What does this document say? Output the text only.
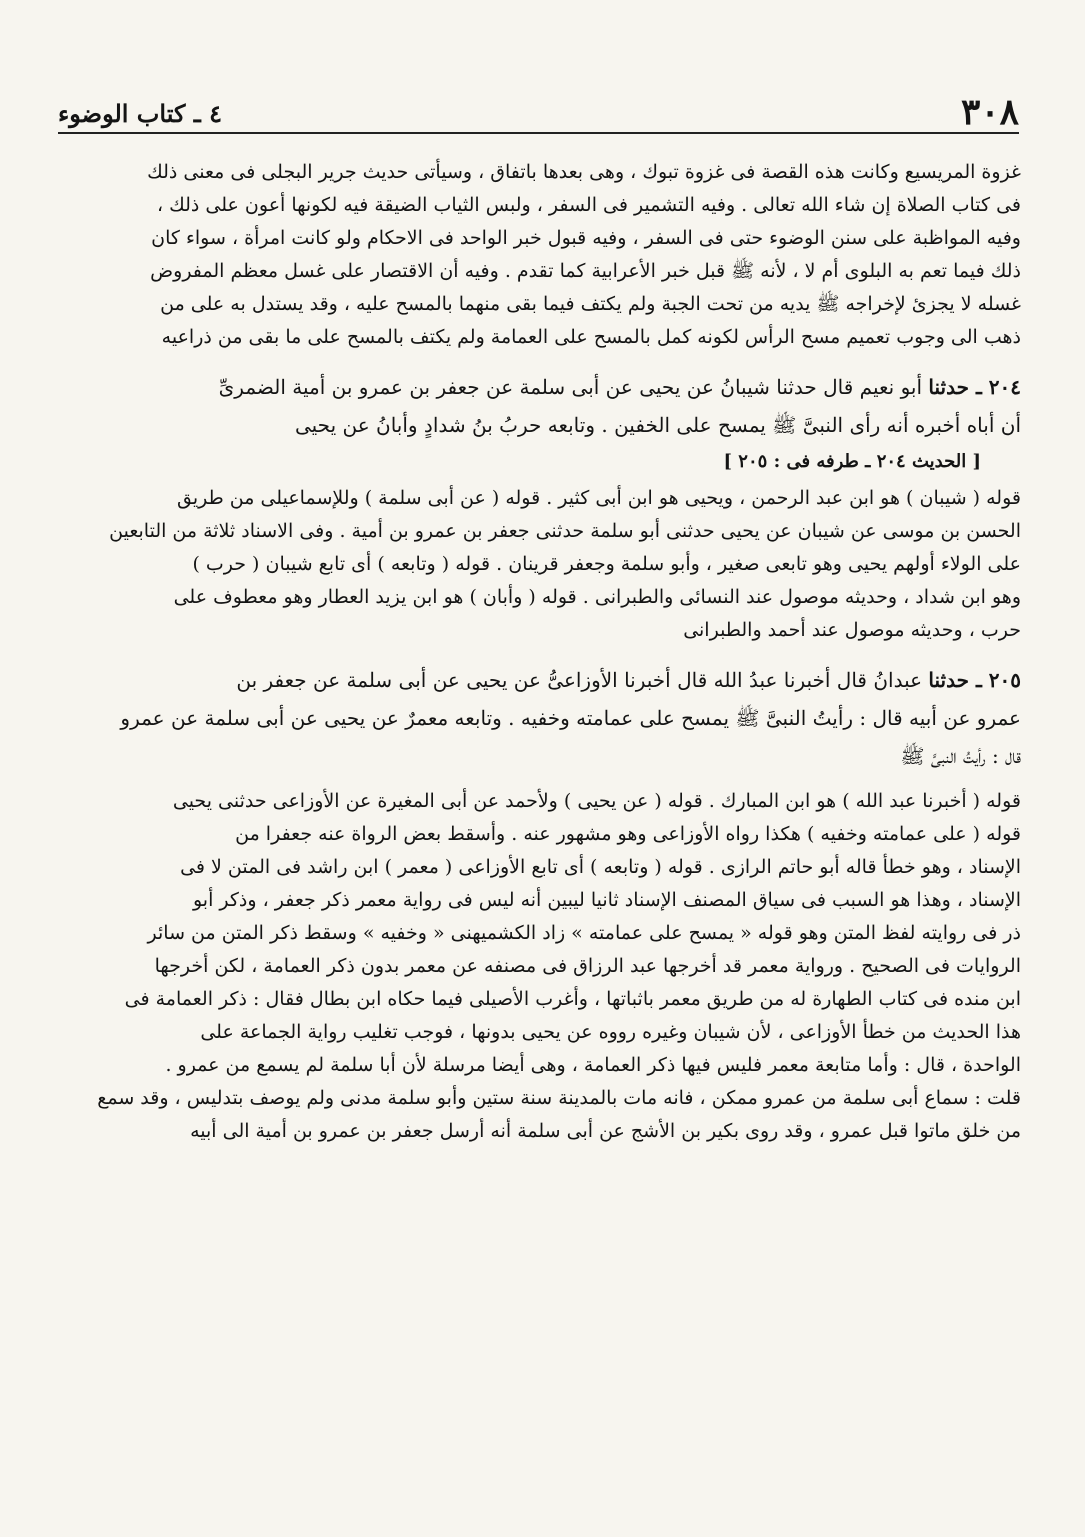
٤ ـ كتاب الوضوء	٣٠٨

غزوة المريسيع وكانت هذه القصة فى غزوة تبوك ، وهى بعدها باتفاق ، وسيأتى حديث جرير البجلى فى معنى ذلك

فى كتاب الصلاة إن شاء الله تعالى . وفيه التشمير فى السفر ، ولبس الثياب الضيقة فيه لكونها أعون على ذلك ،

وفيه المواظبة على سنن الوضوء حتى فى السفر ، وفيه قبول خبر الواحد فى الاحكام ولو كانت امرأة ، سواء كان

ذلك فيما تعم به البلوى أم لا ، لأنه ﷺ قبل خبر الأعرابية كما تقدم . وفيه أن الاقتصار على غسل معظم المفروض

غسله لا يجزئ لإخراجه ﷺ يديه من تحت الجبة ولم يكتف فيما بقى منهما بالمسح عليه ، وقد يستدل به على من

ذهب الى وجوب تعميم مسح الرأس لكونه كمل بالمسح على العمامة ولم يكتف بالمسح على ما بقى من ذراعيه

٢٠٤ ـ حدثنا أبو نعيم قال حدثنا شيبانُ عن يحيى عن أبى سلمة عن جعفر بن عمرو بن أمية الضمرىِّ

أن أباه أخبره أنه رأى النبىَّ ﷺ يمسح على الخفين . وتابعه حربُ بنُ شدادٍ وأبانُ عن يحيى

[ الحديث ٢٠٤ ـ طرفه فى : ٢٠٥ ]

قوله ( شيبان ) هو ابن عبد الرحمن ، ويحيى هو ابن أبى كثير . قوله ( عن أبى سلمة ) وللإسماعيلى من طريق

الحسن بن موسى عن شيبان عن يحيى حدثنى أبو سلمة حدثنى جعفر بن عمرو بن أمية . وفى الاسناد ثلاثة من التابعين

على الولاء أولهم يحيى وهو تابعى صغير ، وأبو سلمة وجعفر قرينان . قوله ( وتابعه ) أى تابع شيبان ( حرب )

وهو ابن شداد ، وحديثه موصول عند النسائى والطبرانى . قوله ( وأبان ) هو ابن يزيد العطار وهو معطوف على

حرب ، وحديثه موصول عند أحمد والطبرانى

٢٠٥ ـ حدثنا عبدانُ قال أخبرنا عبدُ الله قال أخبرنا الأوزاعىُّ عن يحيى عن أبى سلمة عن جعفر بن

عمرو عن أبيه قال : رأيتُ النبىَّ ﷺ يمسح على عمامته وخفيه . وتابعه معمرٌ عن يحيى عن أبى سلمة عن عمرو

قال : رأيتُ النبىَّ ﷺ

قوله ( أخبرنا عبد الله ) هو ابن المبارك . قوله ( عن يحيى ) ولأحمد عن أبى المغيرة عن الأوزاعى حدثنى يحيى

قوله ( على عمامته وخفيه ) هكذا رواه الأوزاعى وهو مشهور عنه . وأسقط بعض الرواة عنه جعفرا من

الإسناد ، وهو خطأ قاله أبو حاتم الرازى . قوله ( وتابعه ) أى تابع الأوزاعى ( معمر ) ابن راشد فى المتن لا فى

الإسناد ، وهذا هو السبب فى سياق المصنف الإسناد ثانيا ليبين أنه ليس فى رواية معمر ذكر جعفر ، وذكر أبو

ذر فى روايته لفظ المتن وهو قوله « يمسح على عمامته » زاد الكشميهنى « وخفيه » وسقط ذكر المتن من سائر

الروايات فى الصحيح . ورواية معمر قد أخرجها عبد الرزاق فى مصنفه عن معمر بدون ذكر العمامة ، لكن أخرجها

ابن منده فى كتاب الطهارة له من طريق معمر باثباتها ، وأغرب الأصيلى فيما حكاه ابن بطال فقال : ذكر العمامة فى

هذا الحديث من خطأ الأوزاعى ، لأن شيبان وغيره رووه عن يحيى بدونها ، فوجب تغليب رواية الجماعة على

الواحدة ، قال : وأما متابعة معمر فليس فيها ذكر العمامة ، وهى أيضا مرسلة لأن أبا سلمة لم يسمع من عمرو .

قلت : سماع أبى سلمة من عمرو ممكن ، فانه مات بالمدينة سنة ستين وأبو سلمة مدنى ولم يوصف بتدليس ، وقد سمع

من خلق ماتوا قبل عمرو ، وقد روى بكير بن الأشج عن أبى سلمة أنه أرسل جعفر بن عمرو بن أمية الى أبيه
